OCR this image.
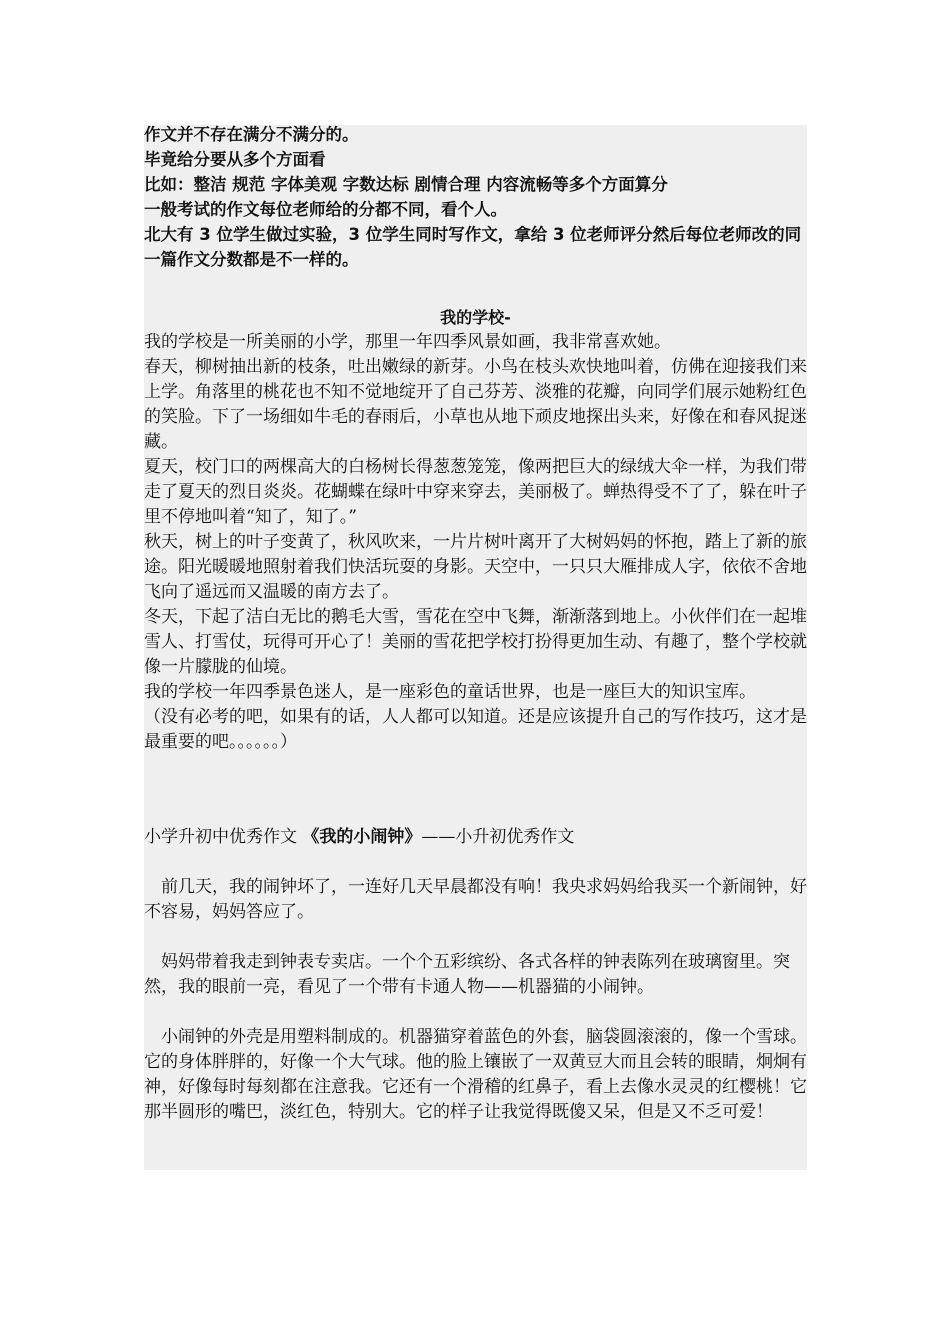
作文并不存在满分不满分的。

毕竟给分要从多个方面看

比如：整洁 规范 字体美观 字数达标 剧情合理 内容流畅等多个方面算分

一般考试的作文每位老师给的分都不同，看个人。

北大有 3 位学生做过实验，3 位学生同时写作文，拿给 3 位老师评分然后每位老师改的同一篇作文分数都是不一样的。

我的学校-

我的学校是一所美丽的小学，那里一年四季风景如画，我非常喜欢她。

春天，柳树抽出新的枝条，吐出嫩绿的新芽。小鸟在枝头欢快地叫着，仿佛在迎接我们来上学。角落里的桃花也不知不觉地绽开了自己芬芳、淡雅的花瓣，向同学们展示她粉红色的笑脸。下了一场细如牛毛的春雨后，小草也从地下顽皮地探出头来，好像在和春风捉迷藏。

夏天，校门口的两棵高大的白杨树长得葱葱笼笼，像两把巨大的绿绒大伞一样，为我们带走了夏天的烈日炎炎。花蝴蝶在绿叶中穿来穿去，美丽极了。蝉热得受不了了，躲在叶子里不停地叫着“知了，知了。”

秋天，树上的叶子变黄了，秋风吹来，一片片树叶离开了大树妈妈的怀抱，踏上了新的旅途。阳光暖暖地照射着我们快活玩耍的身影。天空中，一只只大雁排成人字，依依不舍地飞向了遥远而又温暖的南方去了。

冬天，下起了洁白无比的鹅毛大雪，雪花在空中飞舞，渐渐落到地上。小伙伴们在一起堆雪人、打雪仗，玩得可开心了！美丽的雪花把学校打扮得更加生动、有趣了，整个学校就像一片朦胧的仙境。

我的学校一年四季景色迷人，是一座彩色的童话世界，也是一座巨大的知识宝库。

（没有必考的吧，如果有的话，人人都可以知道。还是应该提升自己的写作技巧，这才是最重要的吧。。。。。。）

小学升初中优秀作文 《我的小闹钟》——小升初优秀作文

前几天，我的闹钟坏了，一连好几天早晨都没有响！我央求妈妈给我买一个新闹钟，好不容易，妈妈答应了。

妈妈带着我走到钟表专卖店。一个个五彩缤纷、各式各样的钟表陈列在玻璃窗里。突然，我的眼前一亮，看见了一个带有卡通人物——机器猫的小闹钟。

小闹钟的外壳是用塑料制成的。机器猫穿着蓝色的外套，脑袋圆滚滚的，像一个雪球。它的身体胖胖的，好像一个大气球。他的脸上镶嵌了一双黄豆大而且会转的眼睛，炯炯有神，好像每时每刻都在注意我。它还有一个滑稽的红鼻子，看上去像水灵灵的红樱桃！它那半圆形的嘴巴，淡红色，特别大。它的样子让我觉得既傻又呆，但是又不乏可爱！
